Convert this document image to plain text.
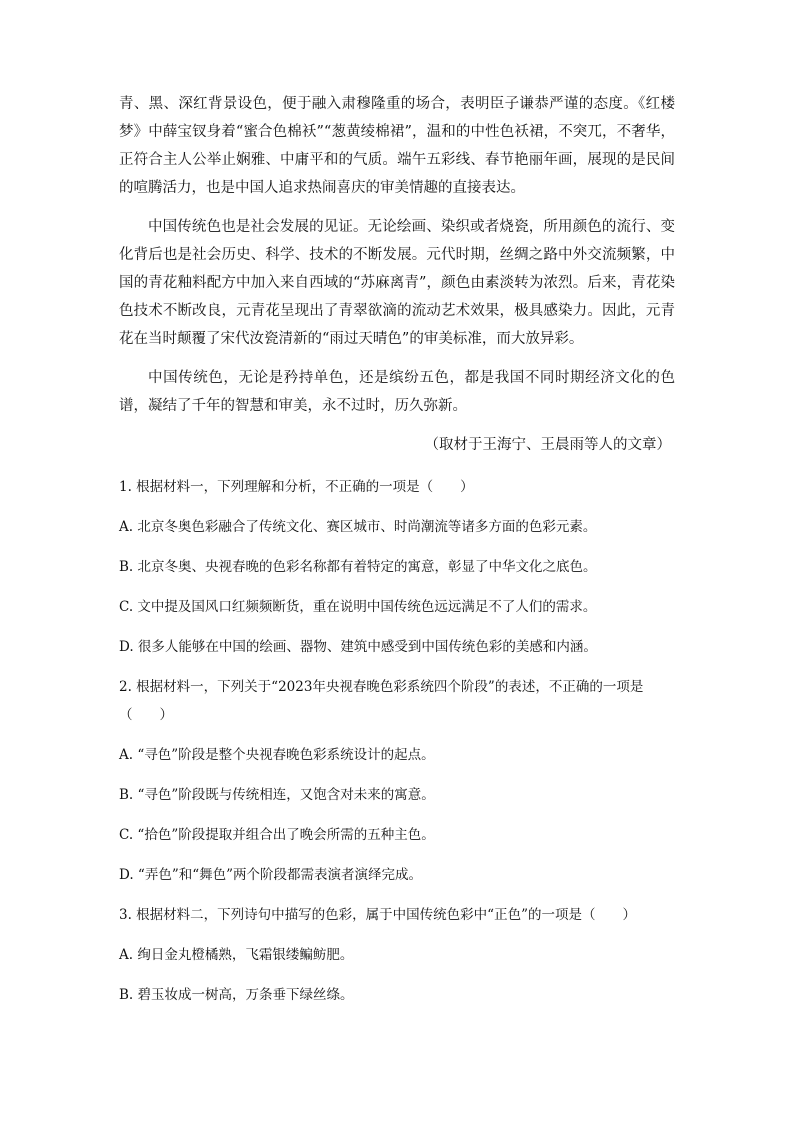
青、黑、深红背景设色，便于融入肃穆隆重的场合，表明臣子谦恭严谨的态度。《红楼梦》中薛宝钗身着“蜜合色棉袄”“葱黄绫棉裙”，温和的中性色袄裙，不突兀，不奢华，正符合主人公举止娴雅、中庸平和的气质。端午五彩线、春节艳丽年画，展现的是民间的喧腾活力，也是中国人追求热闹喜庆的审美情趣的直接表达。

中国传统色也是社会发展的见证。无论绘画、染织或者烧瓷，所用颜色的流行、变化背后也是社会历史、科学、技术的不断发展。元代时期，丝绸之路中外交流频繁，中国的青花釉料配方中加入来自西域的“苏麻离青”，颜色由素淡转为浓烈。后来，青花染色技术不断改良，元青花呈现出了青翠欲滴的流动艺术效果，极具感染力。因此，元青花在当时颠覆了宋代汝瓷清新的“雨过天晴色”的审美标准，而大放异彩。

中国传统色，无论是矜持单色，还是缤纷五色，都是我国不同时期经济文化的色谱，凝结了千年的智慧和审美，永不过时，历久弥新。

（取材于王海宁、王晨雨等人的文章）

1. 根据材料一，下列理解和分析，不正确的一项是（　　）

A. 北京冬奥色彩融合了传统文化、赛区城市、时尚潮流等诸多方面的色彩元素。

B. 北京冬奥、央视春晚的色彩名称都有着特定的寓意，彰显了中华文化之底色。

C. 文中提及国风口红频频断货，重在说明中国传统色远远满足不了人们的需求。

D. 很多人能够在中国的绘画、器物、建筑中感受到中国传统色彩的美感和内涵。

2. 根据材料一，下列关于“2023年央视春晚色彩系统四个阶段”的表述，不正确的一项是（　　）

A. “寻色”阶段是整个央视春晚色彩系统设计的起点。

B. “寻色”阶段既与传统相连，又饱含对未来的寓意。

C. “拾色”阶段提取并组合出了晚会所需的五种主色。

D. “弄色”和“舞色”两个阶段都需表演者演绎完成。

3. 根据材料二，下列诗句中描写的色彩，属于中国传统色彩中“正色”的一项是（　　）

A. 绚日金丸橙橘熟，飞霜银缕鳊鲂肥。

B. 碧玉妆成一树高，万条垂下绿丝绦。
